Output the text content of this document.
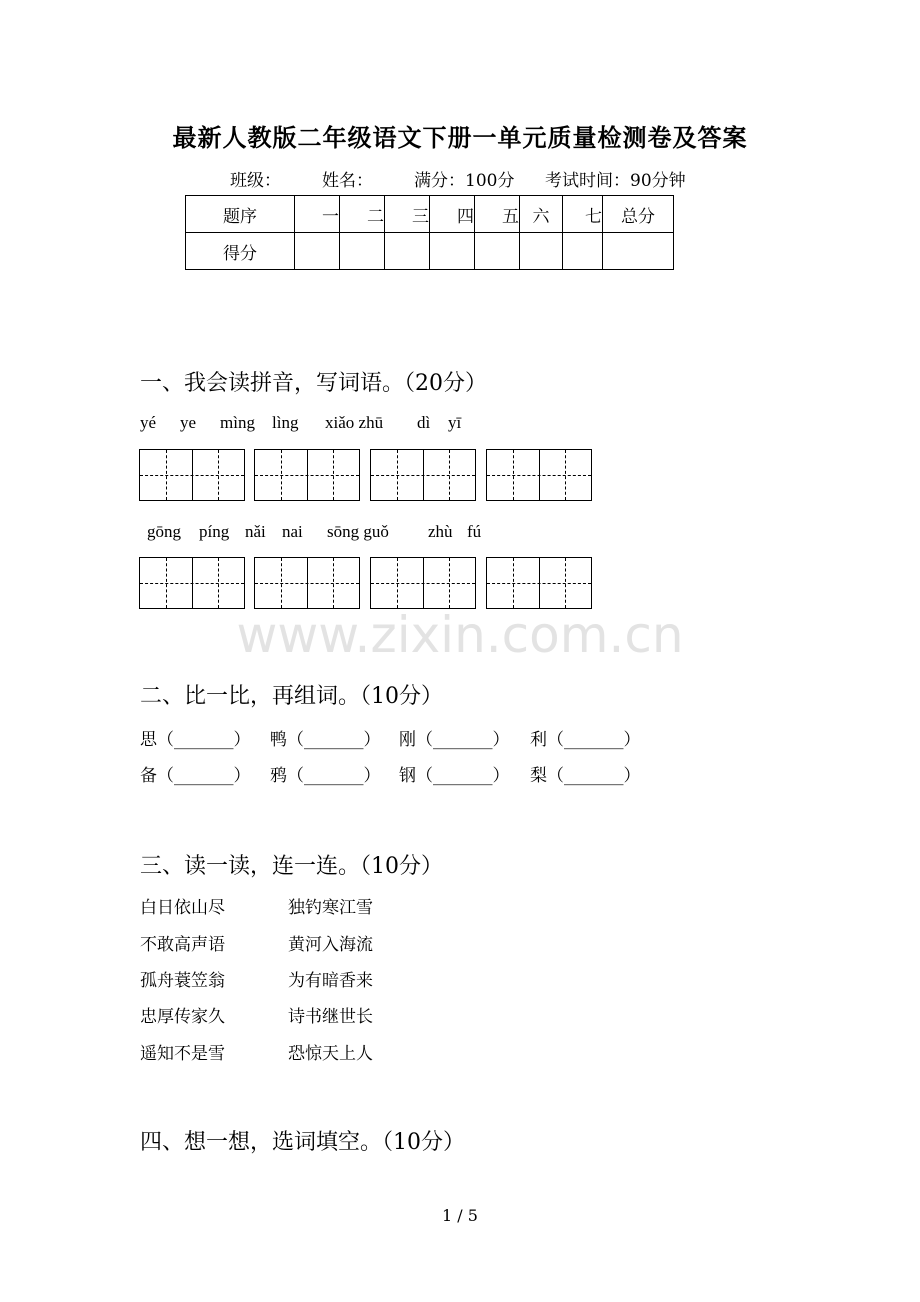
最新人教版二年级语文下册一单元质量检测卷及答案
班级： 姓名： 满分：100分 考试时间：90分钟
题序	一	二	三	四	五	六	七	总分
得分								
一、我会读拼音，写词语。（20分）
yé ye mìng lìng xiǎo zhū dì yī
gōng píng nǎi nai sōng guǒ zhù fú
www.zixin.com.cn
二、比一比，再组词。（10分）
思（_______） 鸭（_______） 刚（_______） 利（_______）
备（_______） 鸦（_______） 钢（_______） 梨（_______）
三、读一读，连一连。（10分）
白日依山尽
不敢高声语
孤舟蓑笠翁
忠厚传家久
遥知不是雪
独钓寒江雪
黄河入海流
为有暗香来
诗书继世长
恐惊天上人
四、想一想，选词填空。（10分）
1 / 5
